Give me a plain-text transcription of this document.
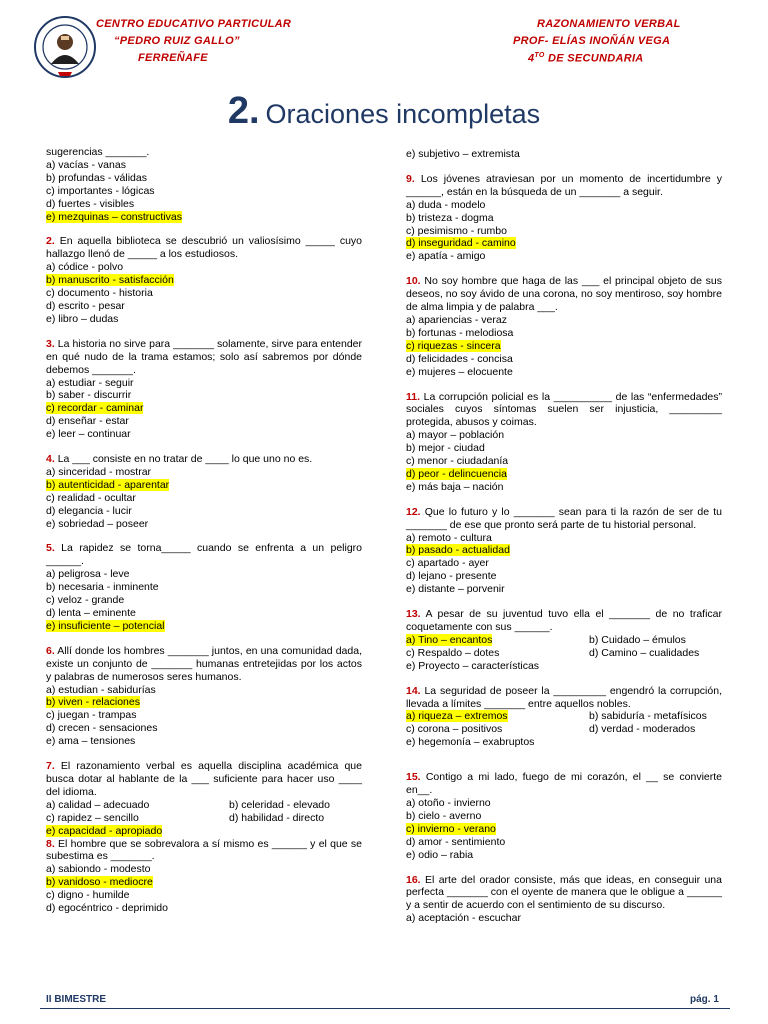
CENTRO EDUCATIVO PARTICULAR
“PEDRO RUIZ GALLO”
FERREÑAFE
RAZONAMIENTO VERBAL
PROF- ELÍAS INOÑÁN VEGA
$4^{TO}$ DE SECUNDARIA
2. Oraciones incompletas
sugerencias _______.
a) vacías - vanas
b) profundas - válidas
c) importantes - lógicas
d) fuertes - visibles
e) mezquinas – constructivas
2. En aquella biblioteca se descubrió un valiosísimo _____ cuyo hallazgo llenó de _____ a los estudiosos.
a) códice - polvo
b) manuscrito - satisfacción
c) documento - historia
d) escrito - pesar
e) libro – dudas
3. La historia no sirve para _______ solamente, sirve para entender en qué nudo de la trama estamos; solo así sabremos por dónde debemos _______.
a) estudiar - seguir
b) saber - discurrir
c) recordar - caminar
d) enseñar - estar
e) leer – continuar
4. La ___ consiste en no tratar de ____ lo que uno no es.
a) sinceridad - mostrar
b) autenticidad - aparentar
c) realidad - ocultar
d) elegancia - lucir
e) sobriedad – poseer
5. La rapidez se torna_____ cuando se enfrenta a un peligro ______.
a) peligrosa - leve
b) necesaria - inminente
c) veloz - grande
d) lenta – eminente
e) insuficiente – potencial
6. Allí donde los hombres _______ juntos, en una comunidad dada, existe un conjunto de _______ humanas entretejidas por los actos y palabras de numerosos seres humanos.
a) estudian - sabidurías
b) viven - relaciones
c) juegan - trampas
d) crecen - sensaciones
e) ama – tensiones
7. El razonamiento verbal es aquella disciplina académica que busca dotar al hablante de la ___ suficiente para hacer uso ____ del idioma.
a) calidad – adecuado	b) celeridad - elevado
c) rapidez – sencillo	d) habilidad - directo
e) capacidad - apropiado
8. El hombre que se sobrevalora a sí mismo es ______ y el que se subestima es _______.
a) sabiondo - modesto
b) vanidoso - mediocre
c) digno - humilde
d) egocéntrico - deprimido
e) subjetivo – extremista
9. Los jóvenes atraviesan por un momento de incertidumbre y ______, están en la búsqueda de un _______ a seguir.
a) duda - modelo
b) tristeza - dogma
c) pesimismo - rumbo
d) inseguridad - camino
e) apatía - amigo
10. No soy hombre que haga de las ___ el principal objeto de sus deseos, no soy ávido de una corona, no soy mentiroso, soy hombre de alma limpia y de palabra ___.
a) apariencias - veraz
b) fortunas - melodiosa
c) riquezas - sincera
d) felicidades - concisa
e) mujeres – elocuente
11. La corrupción policial es la __________ de las “enfermedades” sociales cuyos síntomas suelen ser injusticia, _________ protegida, abusos y coimas.
a) mayor – población
b) mejor - ciudad
c) menor - ciudadanía
d) peor - delincuencia
e) más baja – nación
12. Que lo futuro y lo _______ sean para ti la razón de ser de tu _______ de ese que pronto será parte de tu historial personal.
a) remoto - cultura
b) pasado - actualidad
c) apartado - ayer
d) lejano - presente
e) distante – porvenir
13. A pesar de su juventud tuvo ella el _______ de no traficar coquetamente con sus ______.
a) Tino – encantos	b) Cuidado – émulos
c) Respaldo – dotes	d) Camino – cualidades
e) Proyecto – características
14. La seguridad de poseer la _________ engendró la corrupción, llevada a límites _______ entre aquellos nobles.
a) riqueza – extremos	b) sabiduría - metafísicos
c) corona – positivos	d) verdad - moderados
e) hegemonía – exabruptos
15. Contigo a mi lado, fuego de mi corazón, el __ se convierte en__.
a) otoño - invierno
b) cielo - averno
c) invierno - verano
d) amor - sentimiento
e) odio – rabia
16. El arte del orador consiste, más que ideas, en conseguir una perfecta _______ con el oyente de manera que le obligue a ______ y a sentir de acuerdo con el sentimiento de su discurso.
a) aceptación - escuchar
II BIMESTRE	pág. 1
